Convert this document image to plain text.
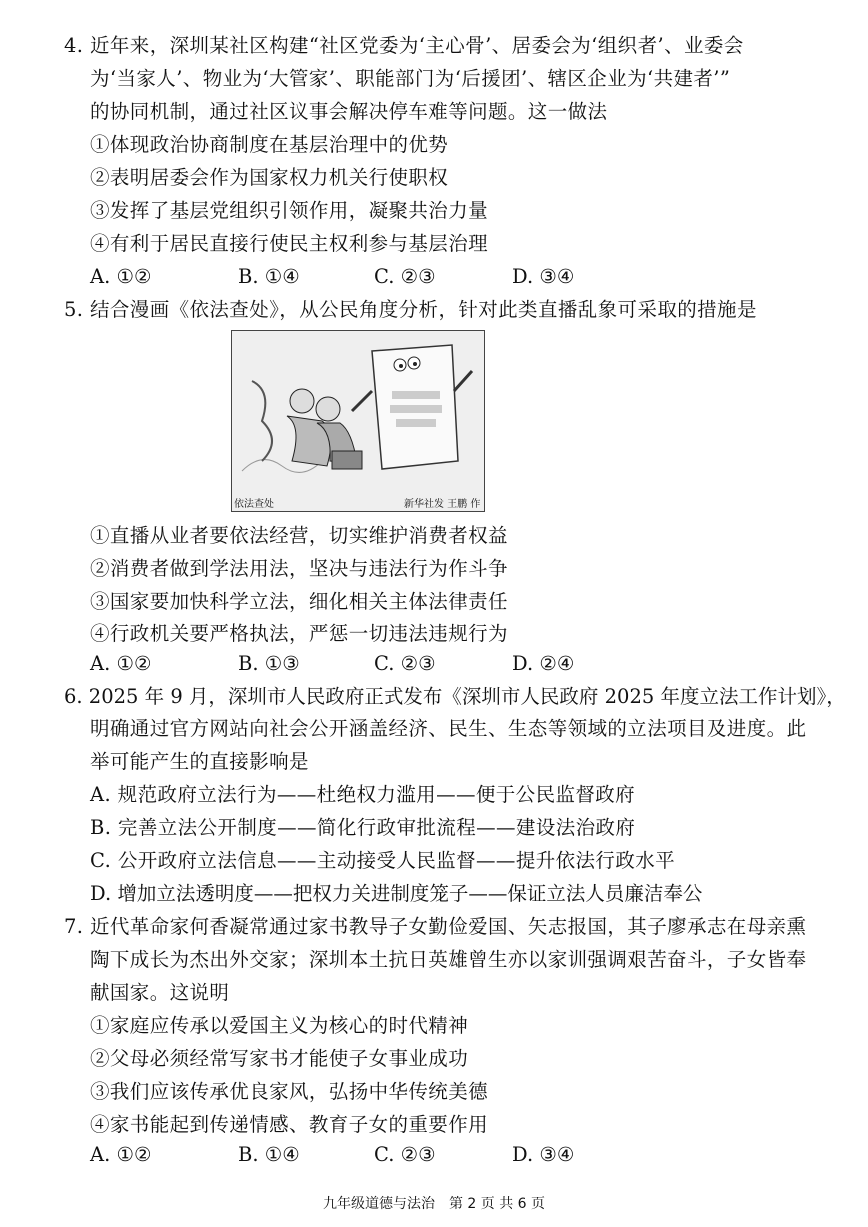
4. 近年来，深圳某社区构建“社区党委为‘主心骨’、居委会为‘组织者’、业委会
为‘当家人’、物业为‘大管家’、职能部门为‘后援团’、辖区企业为‘共建者’”
的协同机制，通过社区议事会解决停车难等问题。这一做法
①体现政治协商制度在基层治理中的优势
②表明居委会作为国家权力机关行使职权
③发挥了基层党组织引领作用，凝聚共治力量
④有利于居民直接行使民主权利参与基层治理
A. ①②	B. ①④	C. ②③	D. ③④
5. 结合漫画《依法查处》，从公民角度分析，针对此类直播乱象可采取的措施是
依法查处	新华社发 王鹏 作
①直播从业者要依法经营，切实维护消费者权益
②消费者做到学法用法，坚决与违法行为作斗争
③国家要加快科学立法，细化相关主体法律责任
④行政机关要严格执法，严惩一切违法违规行为
A. ①②	B. ①③	C. ②③	D. ②④
6. 2025 年 9 月，深圳市人民政府正式发布《深圳市人民政府 2025 年度立法工作计划》，
明确通过官方网站向社会公开涵盖经济、民生、生态等领域的立法项目及进度。此
举可能产生的直接影响是
A. 规范政府立法行为——杜绝权力滥用——便于公民监督政府
B. 完善立法公开制度——简化行政审批流程——建设法治政府
C. 公开政府立法信息——主动接受人民监督——提升依法行政水平
D. 增加立法透明度——把权力关进制度笼子——保证立法人员廉洁奉公
7. 近代革命家何香凝常通过家书教导子女勤俭爱国、矢志报国，其子廖承志在母亲熏
陶下成长为杰出外交家；深圳本土抗日英雄曾生亦以家训强调艰苦奋斗，子女皆奉
献国家。这说明
①家庭应传承以爱国主义为核心的时代精神
②父母必须经常写家书才能使子女事业成功
③我们应该传承优良家风，弘扬中华传统美德
④家书能起到传递情感、教育子女的重要作用
A. ①②	B. ①④	C. ②③	D. ③④
九年级道德与法治　第 2 页 共 6 页
